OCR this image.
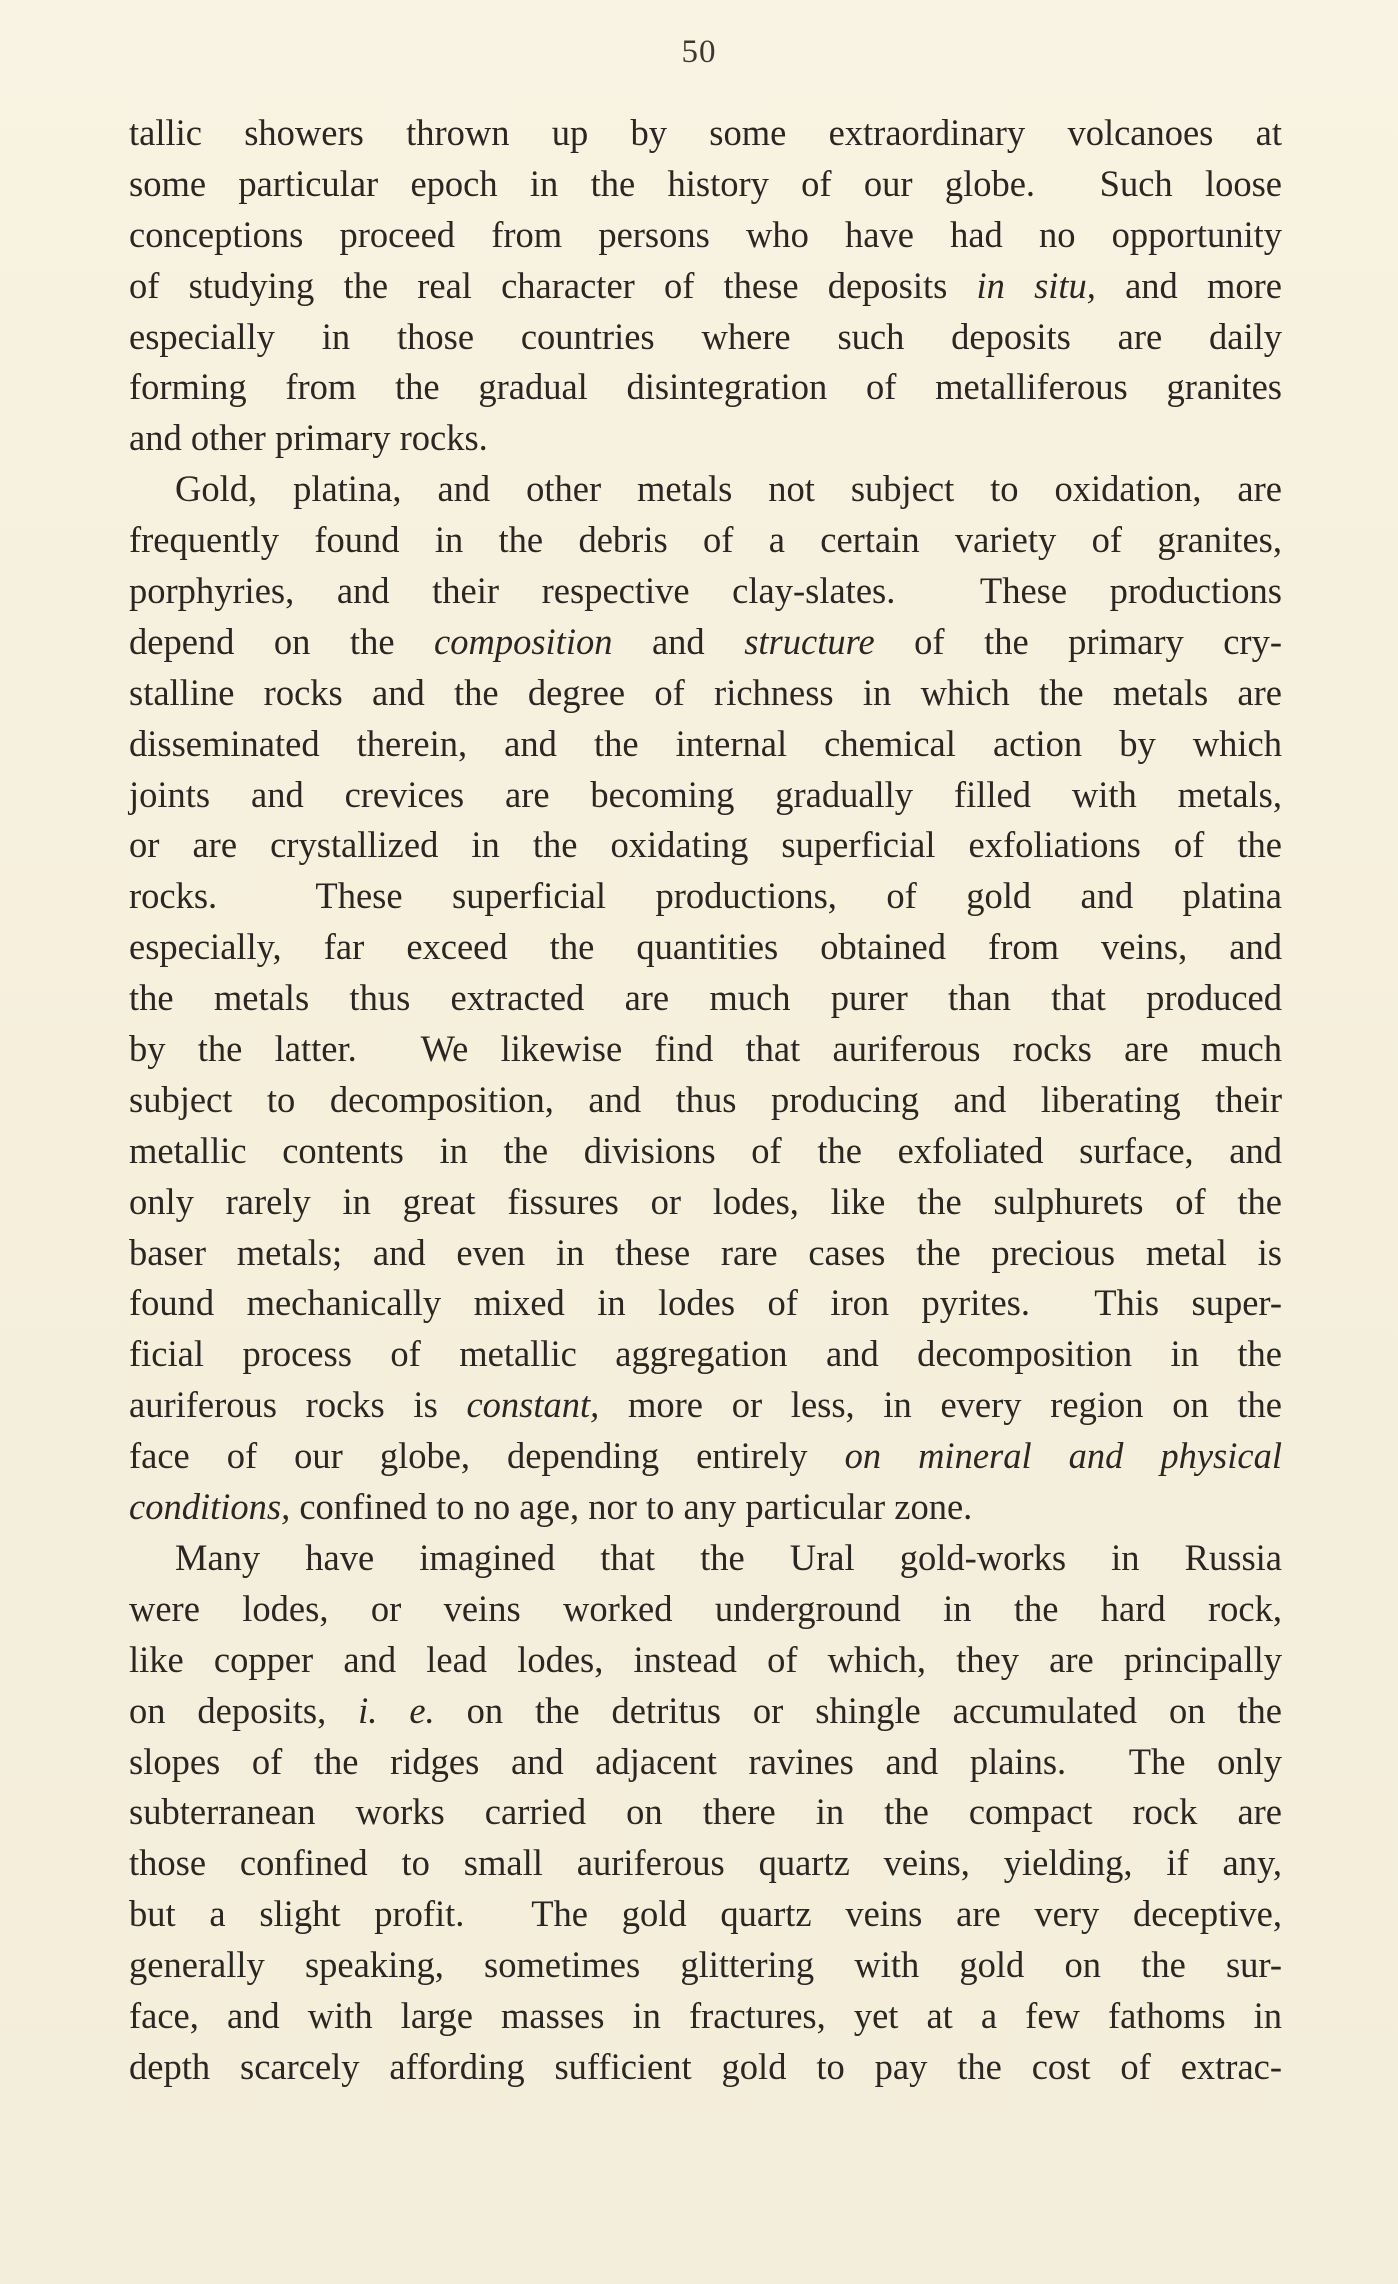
50
tallic showers thrown up by some extraordinary volcanoes at
some particular epoch in the history of our globe.  Such loose
conceptions proceed from persons who have had no opportunity
of studying the real character of these deposits in situ, and more
especially in those countries where such deposits are daily
forming from the gradual disintegration of metalliferous granites
and other primary rocks.
Gold, platina, and other metals not subject to oxidation, are
frequently found in the debris of a certain variety of granites,
porphyries, and their respective clay-slates.  These productions
depend on the composition and structure of the primary cry-
stalline rocks and the degree of richness in which the metals are
disseminated therein, and the internal chemical action by which
joints and crevices are becoming gradually filled with metals,
or are crystallized in the oxidating superficial exfoliations of the
rocks.  These superficial productions, of gold and platina
especially, far exceed the quantities obtained from veins, and
the metals thus extracted are much purer than that produced
by the latter.  We likewise find that auriferous rocks are much
subject to decomposition, and thus producing and liberating their
metallic contents in the divisions of the exfoliated surface, and
only rarely in great fissures or lodes, like the sulphurets of the
baser metals; and even in these rare cases the precious metal is
found mechanically mixed in lodes of iron pyrites.  This super-
ficial process of metallic aggregation and decomposition in the
auriferous rocks is constant, more or less, in every region on the
face of our globe, depending entirely on mineral and physical
conditions, confined to no age, nor to any particular zone.
Many have imagined that the Ural gold-works in Russia
were lodes, or veins worked underground in the hard rock,
like copper and lead lodes, instead of which, they are principally
on deposits, i. e. on the detritus or shingle accumulated on the
slopes of the ridges and adjacent ravines and plains.  The only
subterranean works carried on there in the compact rock are
those confined to small auriferous quartz veins, yielding, if any,
but a slight profit.  The gold quartz veins are very deceptive,
generally speaking, sometimes glittering with gold on the sur-
face, and with large masses in fractures, yet at a few fathoms in
depth scarcely affording sufficient gold to pay the cost of extrac-
